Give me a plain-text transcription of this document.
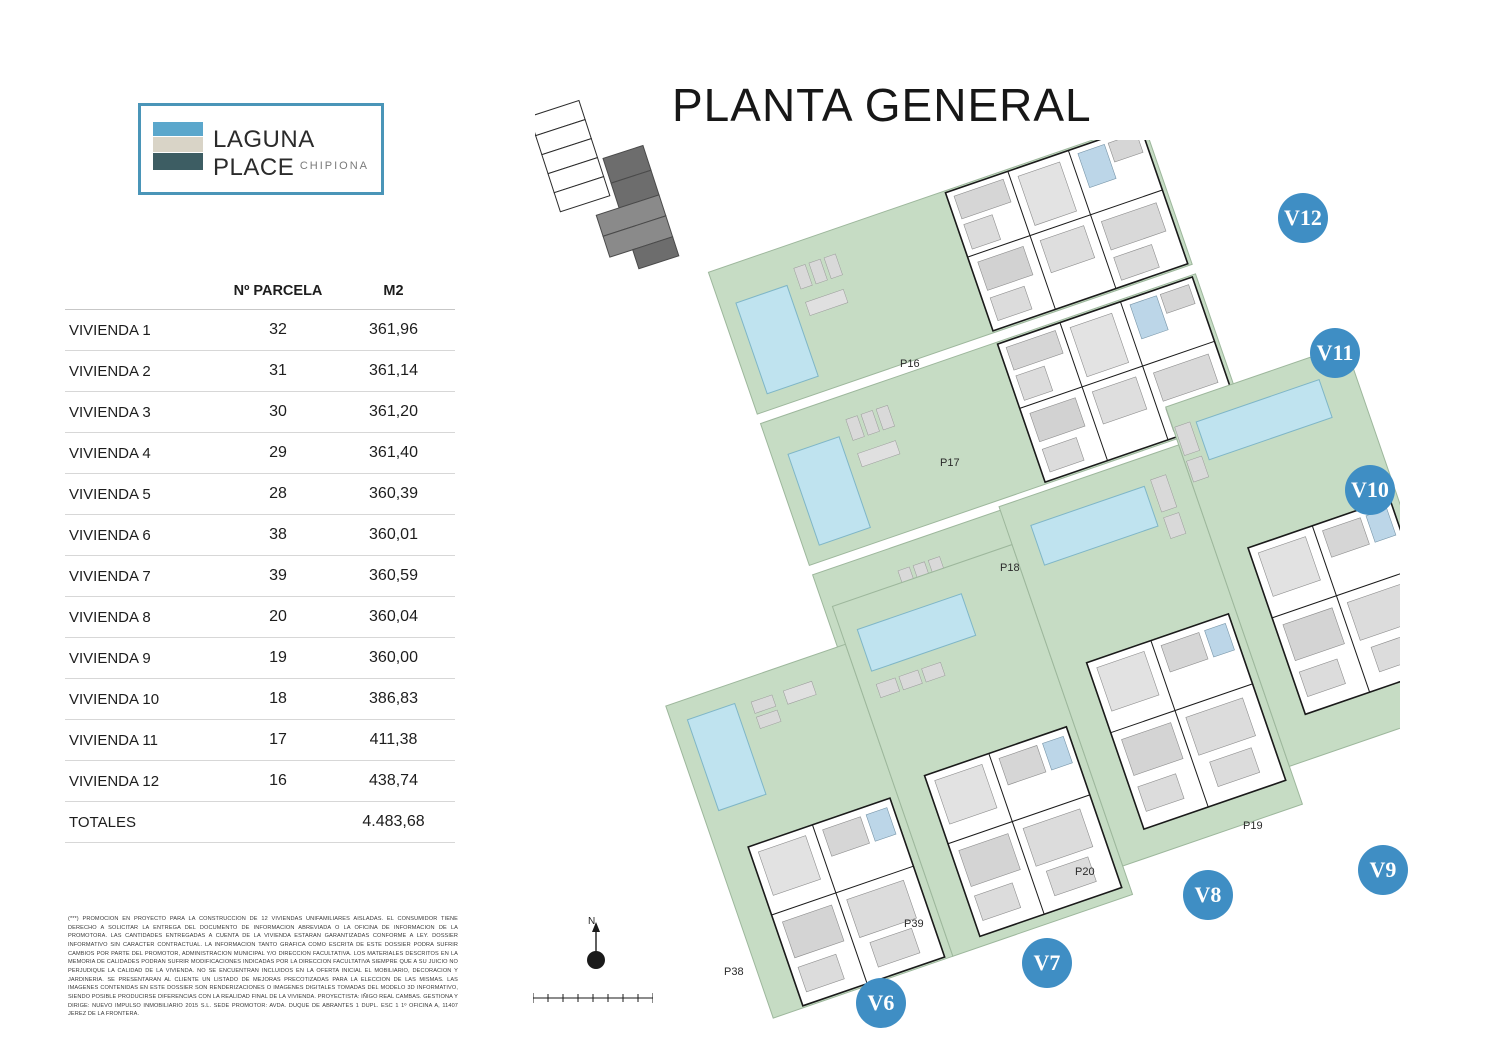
LAGUNA PLACE CHIPIONA
	Nº PARCELA	M2
VIVIENDA 1	32	361,96
VIVIENDA 2	31	361,14
VIVIENDA 3	30	361,20
VIVIENDA 4	29	361,40
VIVIENDA 5	28	360,39
VIVIENDA 6	38	360,01
VIVIENDA 7	39	360,59
VIVIENDA 8	20	360,04
VIVIENDA 9	19	360,00
VIVIENDA 10	18	386,83
VIVIENDA 11	17	411,38
VIVIENDA 12	16	438,74
TOTALES		4.483,68
(***) PROMOCION EN PROYECTO PARA LA CONSTRUCCION DE 12 VIVIENDAS UNIFAMILIARES AISLADAS. EL CONSUMIDOR TIENE DERECHO A SOLICITAR LA ENTREGA DEL DOCUMENTO DE INFORMACION ABREVIADA O LA OFICINA DE INFORMACION DE LA PROMOTORA. LAS CANTIDADES ENTREGADAS A CUENTA DE LA VIVIENDA ESTARAN GARANTIZADAS CONFORME A LEY. DOSSIER INFORMATIVO SIN CARACTER CONTRACTUAL. LA INFORMACION TANTO GRAFICA COMO ESCRITA DE ESTE DOSSIER PODRA SUFRIR CAMBIOS POR PARTE DEL PROMOTOR, ADMINISTRACION MUNICIPAL Y/O DIRECCION FACULTATIVA. LOS MATERIALES DESCRITOS EN LA MEMORIA DE CALIDADES PODRAN SUFRIR MODIFICACIONES INDICADAS POR LA DIRECCION FACULTATIVA SIEMPRE QUE A SU JUICIO NO PERJUDIQUE LA CALIDAD DE LA VIVIENDA. NO SE ENCUENTRAN INCLUIDOS EN LA OFERTA INICIAL EL MOBILIARIO, DECORACION Y JARDINERIA. SE PRESENTARAN AL CLIENTE UN LISTADO DE MEJORAS PRECOTIZADAS PARA LA ELECCION DE LAS MISMAS. LAS IMAGENES CONTENIDAS EN ESTE DOSSIER SON RENDERIZACIONES O IMAGENES DIGITALES TOMADAS DEL MODELO 3D INFORMATIVO, SIENDO POSIBLE PRODUCIRSE DIFERENCIAS CON LA REALIDAD FINAL DE LA VIVIENDA. PROYECTISTA: IÑIGO REAL CAMBAS. GESTIONA Y DIRIGE: NUEVO IMPULSO INMOBILIARIO 2015 S.L. SEDE PROMOTOR: AVDA. DUQUE DE ABRANTES 1 DUPL. ESC 1 1º OFICINA A, 11407 JEREZ DE LA FRONTERA.
PLANTA GENERAL
P16
P17
P18
P19
P20
P39
P38
V12
V11
V10
V9
V8
V7
V6
N
